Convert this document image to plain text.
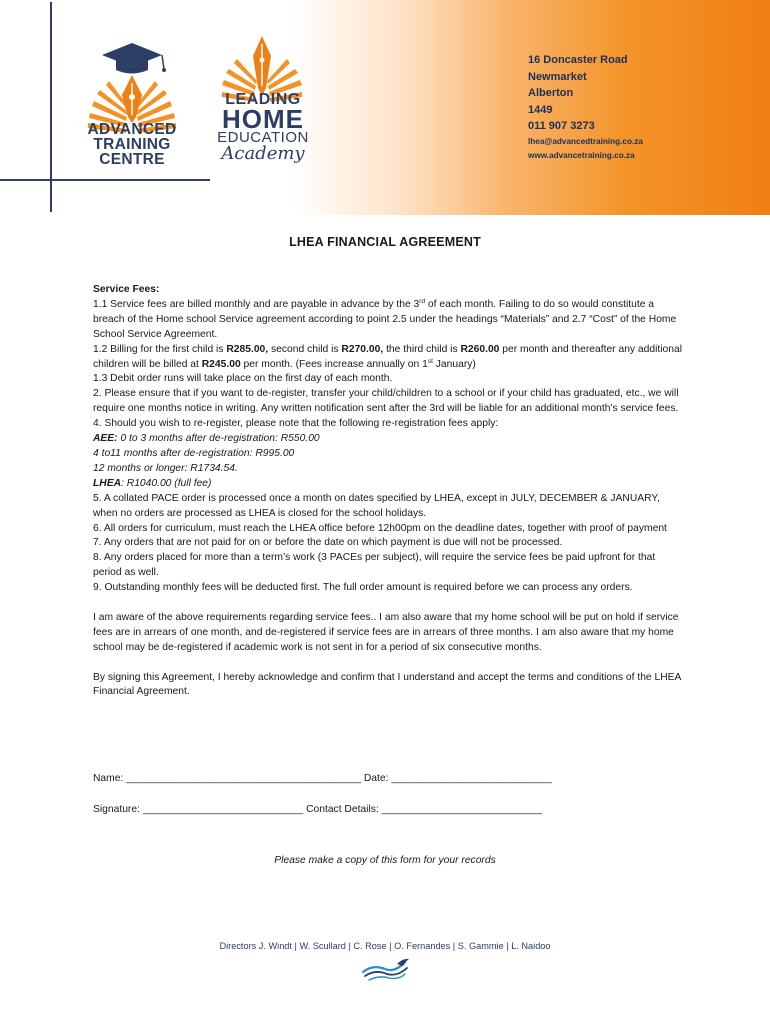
ADVANCED
TRAINING
CENTRE
LEADING
HOME
EDUCATION
Academy
16 Doncaster Road
Newmarket
Alberton
1449
011 907 3273
lhea@advancedtraining.co.za
www.advancetraining.co.za
LHEA FINANCIAL AGREEMENT

Service Fees:

1.1 Service fees are billed monthly and are payable in advance by the 3rd of each month. Failing to do so would constitute a breach of the Home school Service agreement according to point 2.5 under the headings “Materials” and 2.7 “Cost” of the Home School Service Agreement.

1.2 Billing for the first child is R285.00, second child is R270.00, the third child is R260.00 per month and thereafter any additional children will be billed at R245.00 per month. (Fees increase annually on 1st January)

1.3 Debit order runs will take place on the first day of each month.

2. Please ensure that if you want to de-register, transfer your child/children to a school or if your child has graduated, etc., we will require one months notice in writing. Any written notification sent after the 3rd will be liable for an additional month’s service fees.

4. Should you wish to re-register, please note that the following re-registration fees apply:

AEE: 0 to 3 months after de-registration: R550.00

4 to11 months after de-registration: R995.00

12 months or longer: R1734.54.

LHEA: R1040.00 (full fee)

5. A collated PACE order is processed once a month on dates specified by LHEA, except in JULY, DECEMBER & JANUARY, when no orders are processed as LHEA is closed for the school holidays.

6. All orders for curriculum, must reach the LHEA office before 12h00pm on the deadline dates, together with proof of payment

7. Any orders that are not paid for on or before the date on which payment is due will not be processed.

8. Any orders placed for more than a term’s work (3 PACEs per subject), will require the service fees be paid upfront for that period as well.

9. Outstanding monthly fees will be deducted first. The full order amount is required before we can process any orders.

I am aware of the above requirements regarding service fees.. I am also aware that my home school will be put on hold if service fees are in arrears of one month, and de-registered if service fees are in arrears of three months. I am also aware that my home school may be de-registered if academic work is not sent in for a period of six consecutive months.

By signing this Agreement, I hereby acknowledge and confirm that I understand and accept the terms and conditions of the LHEA Financial Agreement.

Name: _________________________________________ Date: ____________________________
Signature: ____________________________ Contact Details: ____________________________
Please make a copy of this form for your records
Directors J. Windt | W. Scullard | C. Rose | O. Fernandes | S. Gammie | L. Naidoo
